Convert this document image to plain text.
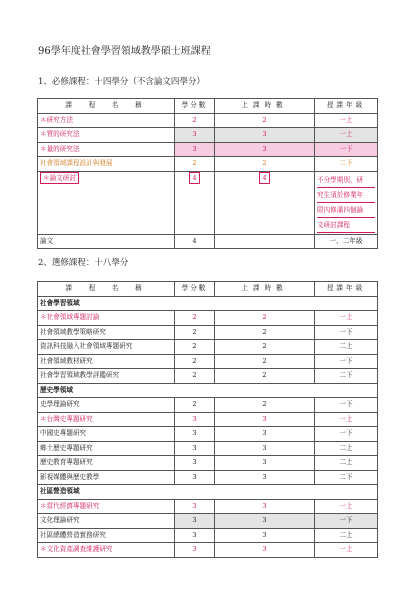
96學年度社會學習領域教學碩士班課程
1、必修課程：十四學分（不含論文四學分）
課　程　名　稱	學分數	上課時數	授課年級
＊研究方法	2	2	一上
＊質的研究法	3	3	一上
＊量的研究法	3	3	一下
社會領域課程設計與發展	2	2	二下
＊論文研討	4	4	不分學期別，研
究生須於修業年
限內修滿四個論
文研討課程

論文	4		一、二年級
2、選修課程：十八學分
課　程　名　稱	學分數	上課時數	授課年級
社會學習領域			
＊社會領域專題討論	2	2	一上
社會領域教學策略研究	2	2	一下
資訊科技融入社會領域專題研究	2	2	二上
社會領域教材研究	2	2	一下
社會學習領域教學評鑑研究	2	2	二下
歷史學領域			
史學理論研究	2	2	一下
＊台灣史專題研究	3	3	一上
中國史專題研究	3	3	一下
鄉土歷史專題研究	3	3	二上
歷史教育專題研究	3	3	二上
影視媒體與歷史教學	3	3	二下
社區營造領域			
＊當代經濟專題研究	3	3	一上
文化理論研究	3	3	一下
社區總體營造實務研究	3	3	二上
＊文化資產調查維護研究	3	3	一上
